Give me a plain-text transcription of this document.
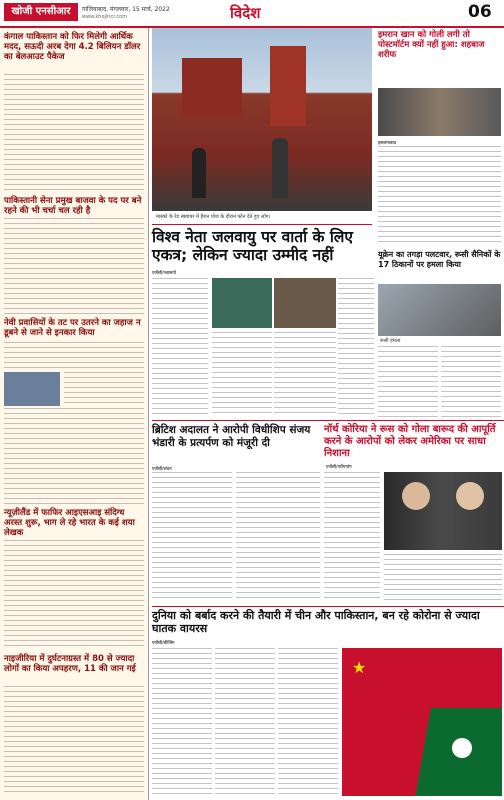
खोजी एनसीआर	गाजियाबाद, मंगलवार, 15 मार्च, 2022
www.khojincr.com	विदेश	06
कंगाल पाकिस्तान को फिर मिलेगी आर्थिक मदद, सऊदी अरब देगा 4.2 बिलियन डॉलर का बेलआउट पैकेज
पाकिस्तानी सेना प्रमुख बाजवा के पद पर बने रहने की भी चर्चा चल रही है
नेवी प्रवासियों के तट पर उतरने का जहाज न डूबने से जाने से इनकार किया
न्यूज़ीलैंड में फाफिर आइएसआइ संदिग्ध अरस्त शुरू, भाग ले रहे भारत के कई शया लेखक
नाइजीरिया में दुर्घटनाग्रस्त में 80 से ज्यादा लोगों का किया अपहरण, 11 की जान गई
मास्को के रेड स्क्वायर में हैरान पोज के दौरान फोन देते हुए लोग।
इमरान खान को गोली लगी तो पोस्टमॉर्टम क्यों नहीं हुआ: शहबाज शरीफ
इस्लामाबाद
विश्व नेता जलवायु पर वार्ता के लिए एकत्र; लेकिन ज्यादा उम्मीद नहीं
एजेंसी/ग्लासगो
यूक्रेन का तगड़ा पलटवार, रूसी सैनिकों के 17 ठिकानों पर हमला किया
रूसी हमला
ब्रिटिश अदालत ने आरोपी विधीशिप संजय भंडारी के प्रत्यर्पण को मंजूरी दी
एजेंसी/लंदन
नॉर्थ कोरिया ने रूस को गोला बारूद की आपूर्ति करने के आरोपों को लेकर अमेरिका पर साधा निशाना
एजेंसी/प्योंगयांग
दुनिया को बर्बाद करने की तैयारी में चीन और पाकिस्तान, बन रहे कोरोना से ज्यादा घातक वायरस
एजेंसी/बीजिंग
★
